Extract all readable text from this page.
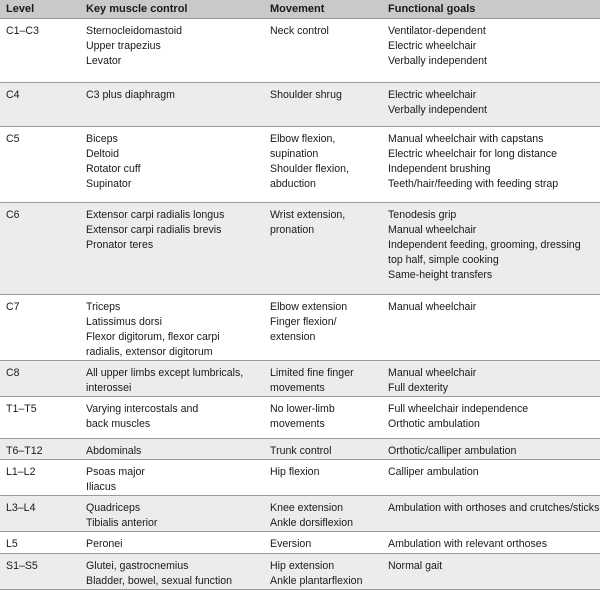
Level	Key muscle control	Movement	Functional goals
C1–C3	Sternocleidomastoid
Upper trapezius
Levator	Neck control	Ventilator-dependent
Electric wheelchair
Verbally independent

C4	C3 plus diaphragm	Shoulder shrug	Electric wheelchair
Verbally independent

C5	Biceps
Deltoid
Rotator cuff
Supinator	Elbow flexion,
supination
Shoulder flexion,
abduction	Manual wheelchair with capstans
Electric wheelchair for long distance
Independent brushing
Teeth/hair/feeding with feeding strap

C6	Extensor carpi radialis longus
Extensor carpi radialis brevis
Pronator teres	Wrist extension,
pronation	Tenodesis grip
Manual wheelchair
Independent feeding, grooming, dressing
top half, simple cooking
Same-height transfers

C7	Triceps
Latissimus dorsi
Flexor digitorum, flexor carpi
radialis, extensor digitorum	Elbow extension
Finger flexion/
extension	Manual wheelchair

C8	All upper limbs except lumbricals,
interossei	Limited fine finger
movements	Manual wheelchair
Full dexterity

T1–T5	Varying intercostals and
back muscles	No lower-limb
movements	Full wheelchair independence
Orthotic ambulation

T6–T12	Abdominals	Trunk control	Orthotic/calliper ambulation

L1–L2	Psoas major
Iliacus	Hip flexion	Calliper ambulation

L3–L4	Quadriceps
Tibialis anterior	Knee extension
Ankle dorsiflexion	Ambulation with orthoses and crutches/sticks

L5	Peronei	Eversion	Ambulation with relevant orthoses

S1–S5	Glutei, gastrocnemius
Bladder, bowel, sexual function	Hip extension
Ankle plantarflexion	Normal gait
